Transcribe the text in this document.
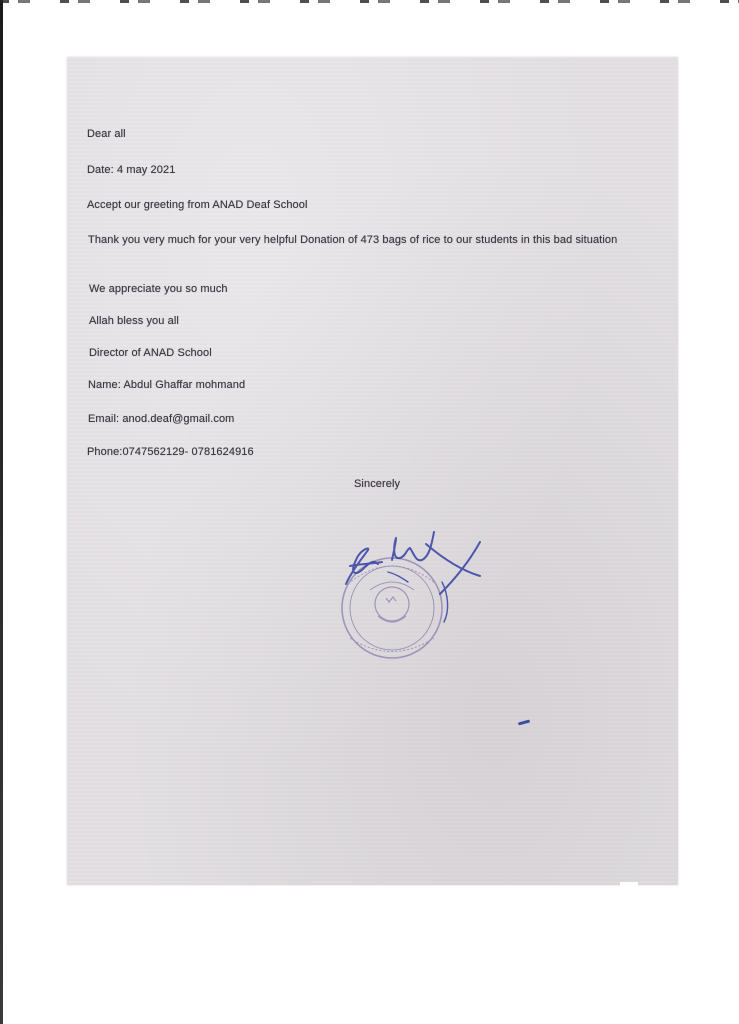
Dear all

Date: 4 may 2021

Accept our greeting from ANAD Deaf School

Thank you very much for your very helpful Donation of 473 bags of rice to our students in this bad situation

We appreciate you so much

Allah bless you all

Director of ANAD School

Name: Abdul Ghaffar mohmand

Email: anod.deaf@gmail.com

Phone:0747562129- 0781624916

Sincerely
